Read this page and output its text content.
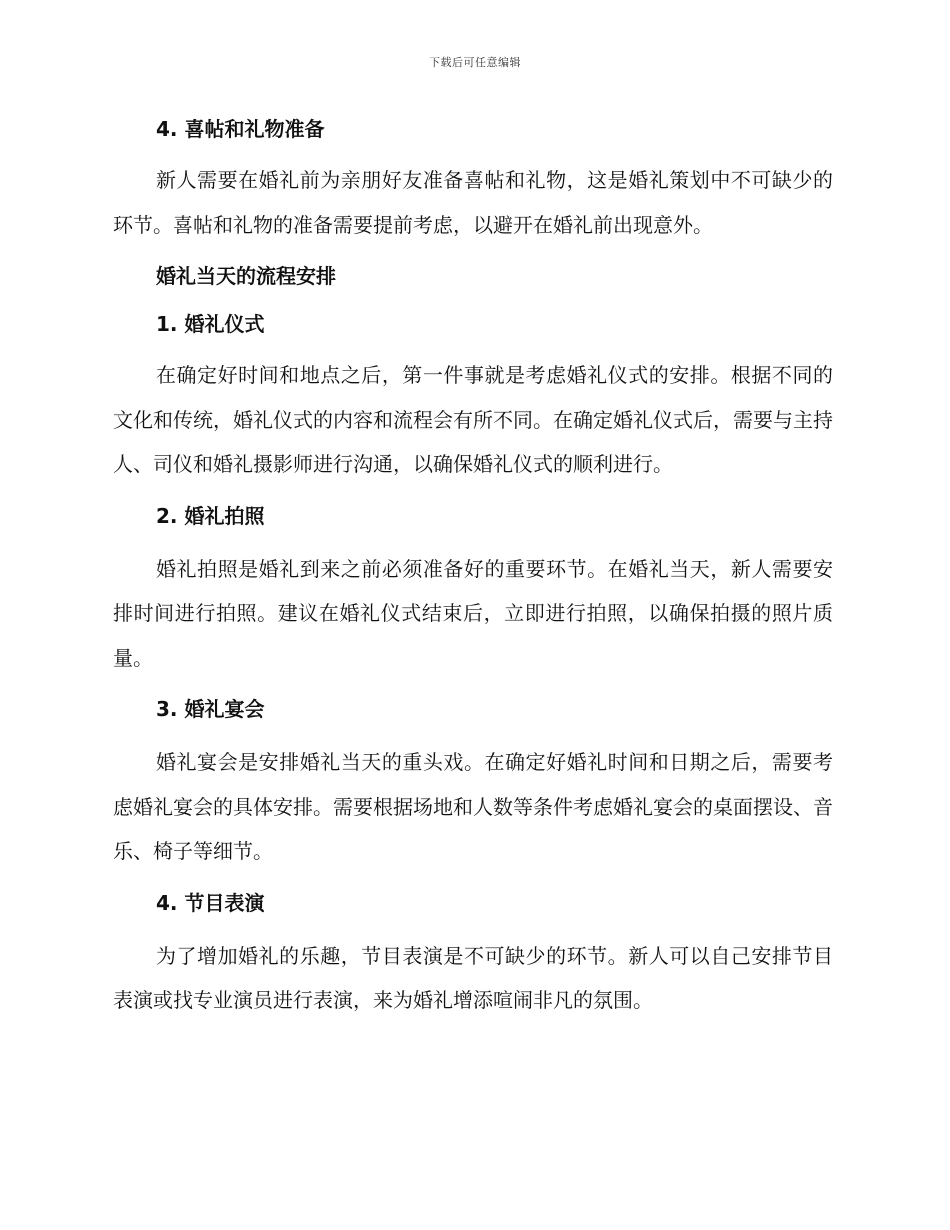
下载后可任意编辑
4. 喜帖和礼物准备

新人需要在婚礼前为亲朋好友准备喜帖和礼物，这是婚礼策划中不可缺少的环节。喜帖和礼物的准备需要提前考虑，以避开在婚礼前出现意外。

婚礼当天的流程安排
1. 婚礼仪式

在确定好时间和地点之后，第一件事就是考虑婚礼仪式的安排。根据不同的文化和传统，婚礼仪式的内容和流程会有所不同。在确定婚礼仪式后，需要与主持人、司仪和婚礼摄影师进行沟通，以确保婚礼仪式的顺利进行。

2. 婚礼拍照

婚礼拍照是婚礼到来之前必须准备好的重要环节。在婚礼当天，新人需要安排时间进行拍照。建议在婚礼仪式结束后，立即进行拍照，以确保拍摄的照片质量。

3. 婚礼宴会

婚礼宴会是安排婚礼当天的重头戏。在确定好婚礼时间和日期之后，需要考虑婚礼宴会的具体安排。需要根据场地和人数等条件考虑婚礼宴会的桌面摆设、音乐、椅子等细节。

4. 节目表演

为了增加婚礼的乐趣，节目表演是不可缺少的环节。新人可以自己安排节目表演或找专业演员进行表演，来为婚礼增添喧闹非凡的氛围。
